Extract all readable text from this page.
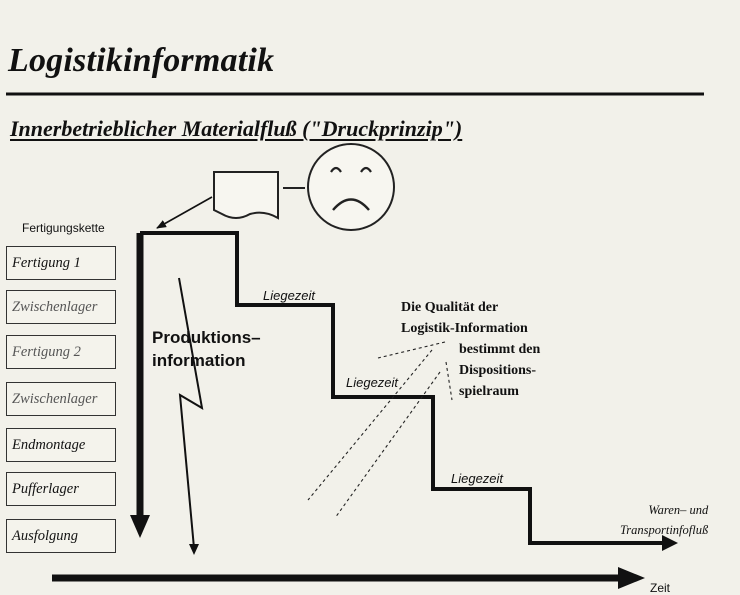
Logistikinformatik
Innerbetrieblicher Materialfluß ("Druckprinzip")
Fertigungskette
Fertigung 1
Zwischenlager
Fertigung 2
Zwischenlager
Endmontage
Pufferlager
Ausfolgung
Liegezeit
Liegezeit
Liegezeit
Produktions–
information
Die Qualität der
Logistik-Information
bestimmt den
Dispositions-
spielraum
Waren– und
Transportinfofluß
Zeit
